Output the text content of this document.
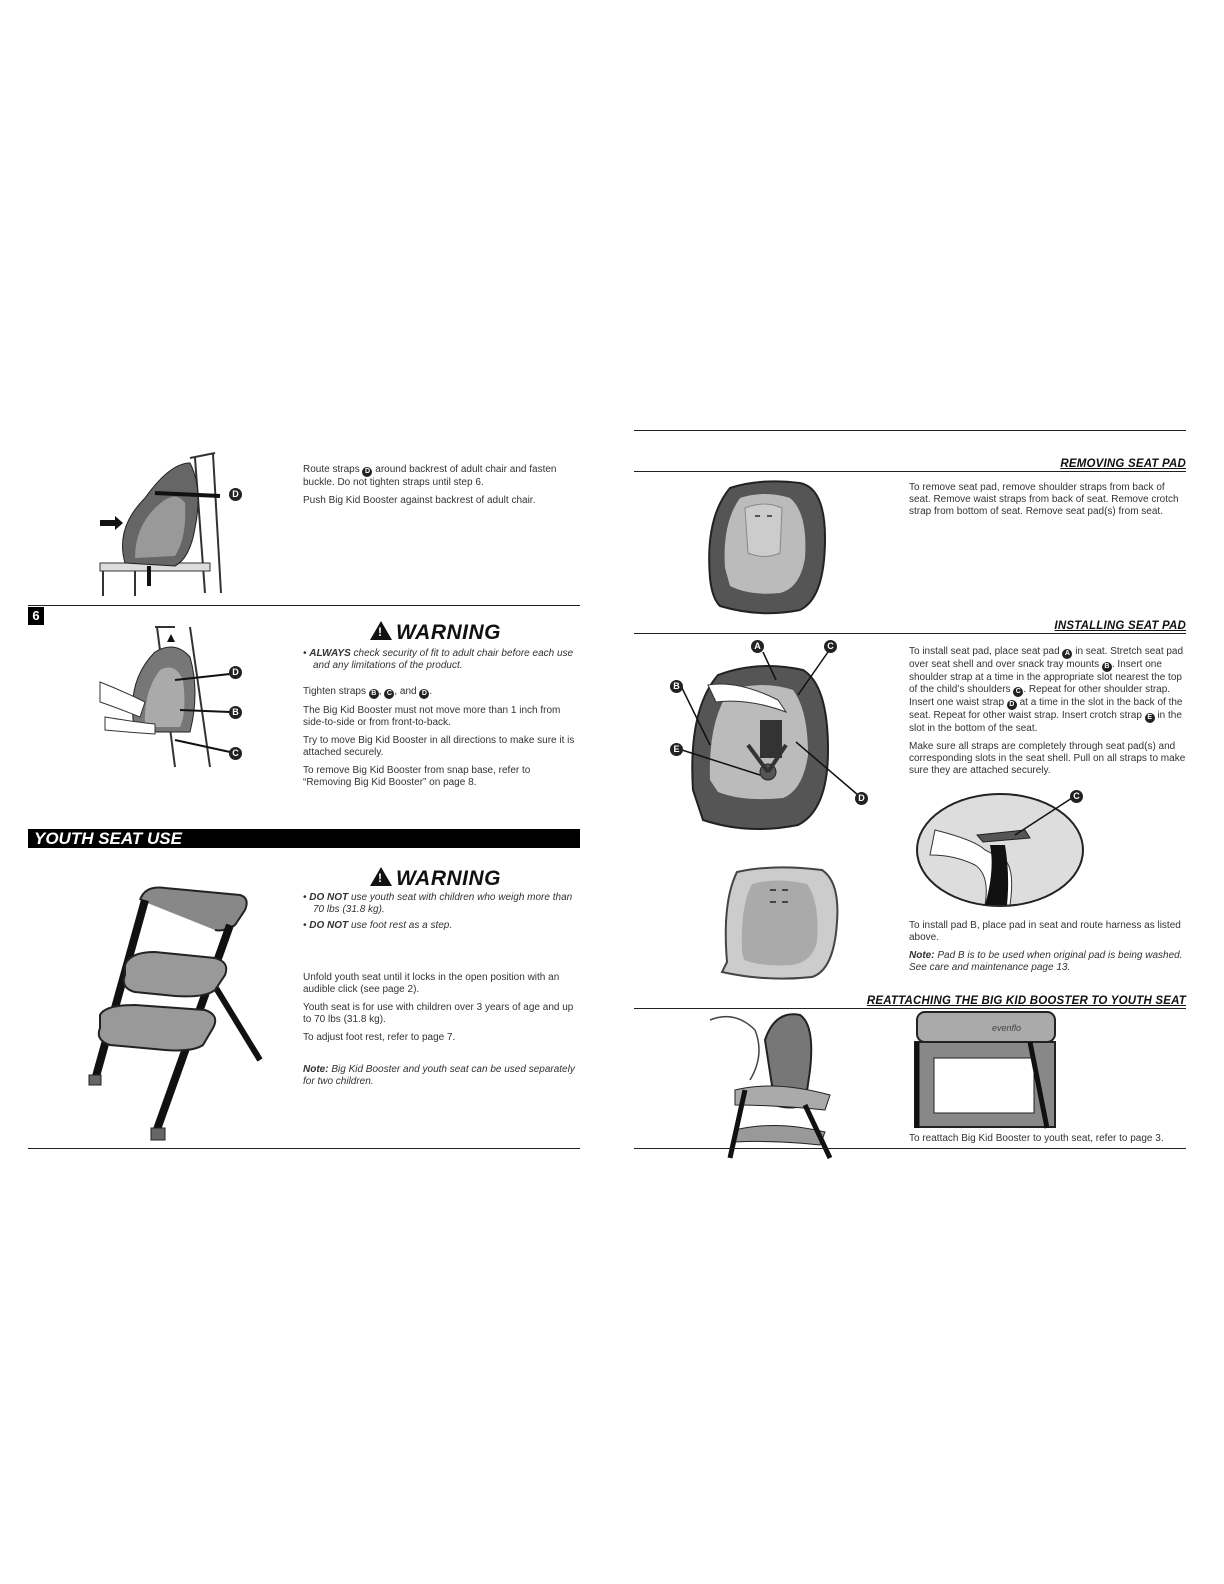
D

Route straps D around backrest of adult chair and fasten buckle. Do not tighten straps until step 6.

Push Big Kid Booster against backrest of adult chair.

6
D
B
C
!WARNING

• ALWAYS check security of fit to adult chair before each use and any limitations of the product.

Tighten straps B , C , and D .

The Big Kid Booster must not move more than 1 inch from side-to-side or from front-to-back.

Try to move Big Kid Booster in all directions to make sure it is attached securely.

To remove Big Kid Booster from snap base, refer to “Removing Big Kid Booster” on page 8.

YOUTH SEAT USE
!WARNING

• DO NOT use youth seat with children who weigh more than 70 lbs (31.8 kg).

• DO NOT use foot rest as a step.

Unfold youth seat until it locks in the open position with an audible click (see page 2).

Youth seat is for use with children over 3 years of age and up to 70 lbs (31.8 kg).

To adjust foot rest, refer to page 7.

Note: Big Kid Booster and youth seat can be used separately for two children.

REMOVING SEAT PAD

To remove seat pad, remove shoulder straps from back of seat. Remove waist straps from back of seat. Remove crotch strap from bottom of seat. Remove seat pad(s) from seat.

INSTALLING SEAT PAD
A	C
B
E
D

To install seat pad, place seat pad A in seat. Stretch seat pad over seat shell and over snack tray mounts B . Insert one shoulder strap at a time in the appropriate slot nearest the top of the child’s shoulders C . Repeat for other shoulder strap. Insert one waist strap D at a time in the slot in the back of the seat. Repeat for other waist strap. Insert crotch strap E in the slot in the bottom of the seat.

Make sure all straps are completely through seat pad(s) and corresponding slots in the seat shell. Pull on all straps to make sure they are attached securely.

C

To install pad B, place pad in seat and route harness as listed above.

Note: Pad B is to be used when original pad is being washed. See care and maintenance page 13.

REATTACHING THE BIG KID BOOSTER TO YOUTH SEAT
evenflo

To reattach Big Kid Booster to youth seat, refer to page 3.
